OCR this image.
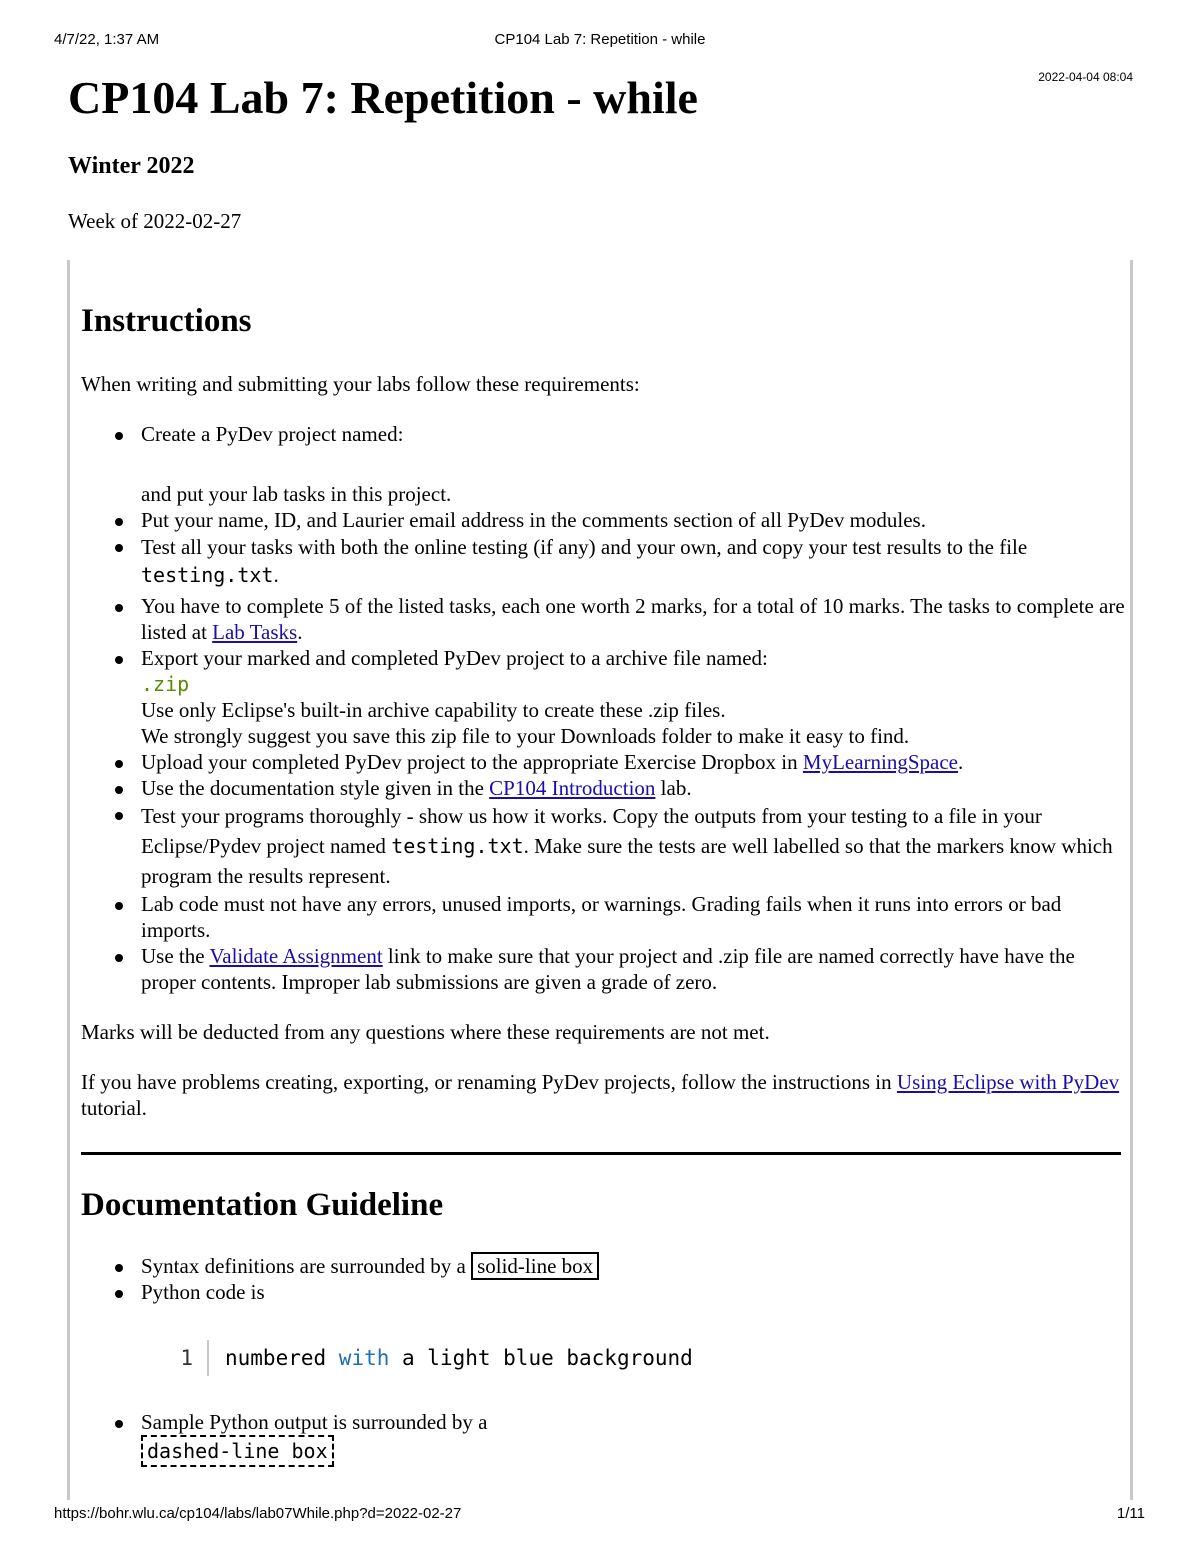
4/7/22, 1:37 AM	CP104 Lab 7: Repetition - while
2022-04-04 08:04
CP104 Lab 7: Repetition - while
Winter 2022

Week of 2022-02-27

Instructions

When writing and submitting your labs follow these requirements:

Create a PyDev project named:
and put your lab tasks in this project.
Put your name, ID, and Laurier email address in the comments section of all PyDev modules.
Test all your tasks with both the online testing (if any) and your own, and copy your test results to the file testing.txt.
You have to complete 5 of the listed tasks, each one worth 2 marks, for a total of 10 marks. The tasks to complete are listed at Lab Tasks.
Export your marked and completed PyDev project to a archive file named:
.zip
Use only Eclipse's built-in archive capability to create these .zip files.
We strongly suggest you save this zip file to your Downloads folder to make it easy to find.
Upload your completed PyDev project to the appropriate Exercise Dropbox in MyLearningSpace.
Use the documentation style given in the CP104 Introduction lab.
Test your programs thoroughly - show us how it works. Copy the outputs from your testing to a file in your Eclipse/Pydev project named testing.txt. Make sure the tests are well labelled so that the markers know which program the results represent.
Lab code must not have any errors, unused imports, or warnings. Grading fails when it runs into errors or bad imports.
Use the Validate Assignment link to make sure that your project and .zip file are named correctly have have the proper contents. Improper lab submissions are given a grade of zero.

Marks will be deducted from any questions where these requirements are not met.

If you have problems creating, exporting, or renaming PyDev projects, follow the instructions in Using Eclipse with PyDev tutorial.

Documentation Guideline
Syntax definitions are surrounded by a solid-line box
Python code is
1 numbered with a light blue background
Sample Python output is surrounded by a
dashed-line box
https://bohr.wlu.ca/cp104/labs/lab07While.php?d=2022-02-27	1/11
